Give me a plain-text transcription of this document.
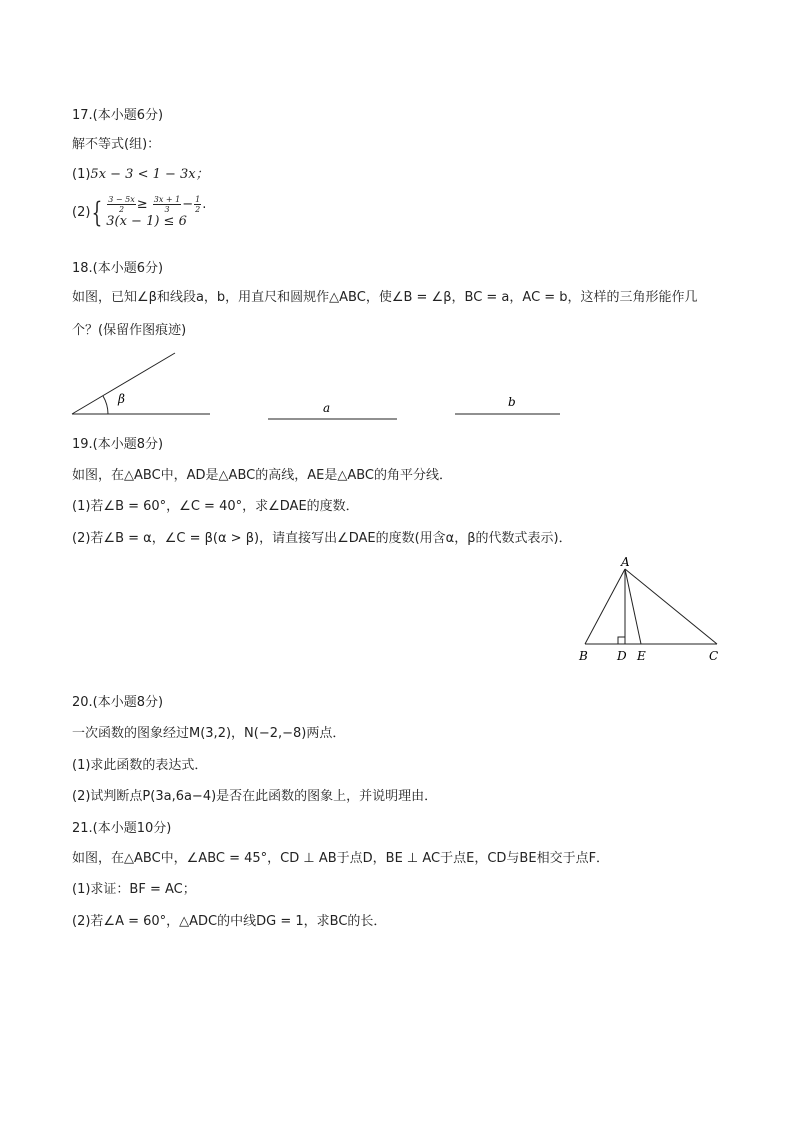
17.(本小题6分)
解不等式(组)：
(1)5x − 3 < 1 − 3x；
$(2)\{ \frac{3 - 5x}{2} \ge \frac{3x + 1}{3} - \frac{1}{2}$ .
3(x − 1) ≤ 6
18.(本小题6分)
如图，已知∠β和线段a，b，用直尺和圆规作△ABC，使∠B = ∠β，BC = a，AC = b，这样的三角形能作几
个？(保留作图痕迹)
β
a	b
A
B D E	C
19.(本小题8分)
如图，在△ABC中，AD是△ABC的高线，AE是△ABC的角平分线．
(1)若∠B = 60°，∠C = 40°，求∠DAE的度数．
(2)若∠B = α，∠C = β(α > β)，请直接写出∠DAE的度数(用含α，β的代数式表示)．
20.(本小题8分)
一次函数的图象经过M(3,2)，N(−2,−8)两点．
(1)求此函数的表达式．
(2)试判断点P(3a,6a−4)是否在此函数的图象上，并说明理由．
21.(本小题10分)
如图，在△ABC中，∠ABC = 45°，CD ⊥ AB于点D，BE ⊥ AC于点E，CD与BE相交于点F．
(1)求证：BF = AC；
(2)若∠A = 60°，△ADC的中线DG = 1，求BC的长．
